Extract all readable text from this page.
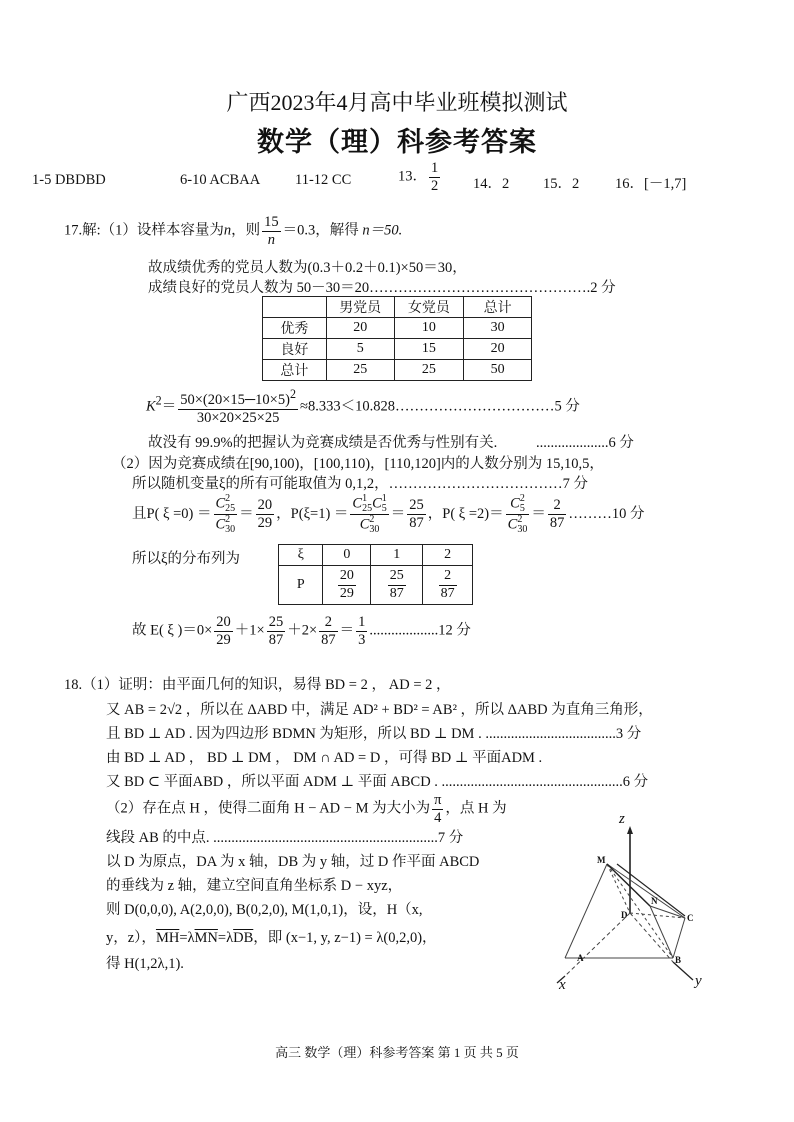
广西2023年4月高中毕业班模拟测试
数学（理）科参考答案
1-5 DBDBD	6-10 ACBAA 11-12 CC	13． $\frac{1}{2} 14$．2 15．2 16．[－1,7]
17.解:（1）设样本容量为n，则 $\frac{15}{n} =0.3$，解得 n＝50.
故成绩优秀的党员人数为(0.3＋0.2＋0.1)×50＝30，
成绩良好的党员人数为 50－30＝20……………………………………….2 分
	男党员	女党员	总计
优秀	20	10	30
良好	5	15	20
总计	25	25	50
$K^2= \frac{50\times(20\times 15─10\times 5)^2}{30\times 20\times 25\times 25}$ ≈8.333＜10.828……………………………5 分
故没有 99.9%的把握认为竞赛成绩是否优秀与性别有关.	....................6 分
（2）因为竞赛成绩在[90,100)，[100,110)，[110,120]内的人数分别为 15,10,5，
所以随机变量ξ的所有可能取值为 0,1,2，………………………………7 分
且P( ξ =0) ＝ C 2
25
C 2
$30 = \frac{20}{29}$ ，P(ξ=1) ＝ C 1
25 C 1
5
C 2
$30 = \frac{25}{87}$ ，P( ξ =2)＝ C 2
5
C 2
$30 = \frac{2}{87}$ ………10 分
所以ξ的分布列为	ξ	0	1	2
P	$\frac{20}{29}$	$\frac{25}{87}$	$\frac{2}{87}$
故 E( ξ )$=0\times \frac{20}{29} +1\times \frac{25}{87} +2\times \frac{2}{87} = \frac{1}{3} ...................12$ 分
18.（1）证明：由平面几何的知识，易得 BD = 2 ， AD = 2 ，
又 AB = 2√2 ，所以在 ΔABD 中，满足 AD² + BD² = AB² ，所以 ΔABD 为直角三角形，
且 BD ⊥ AD . 因为四边形 BDMN 为矩形，所以 BD ⊥ DM . ....................................3 分
由 BD ⊥ AD ， BD ⊥ DM ， DM ∩ AD = D ，可得 BD ⊥ 平面ADM .
又 BD ⊂ 平面ABD ，所以平面 ADM ⊥ 平面 ABCD . ..................................................6 分
（2）存在点 H ，使得二面角 H − AD − M 为大小为 $\frac{\pi}{4}$ ，点 H 为
线段 AB 的中点. ..............................................................7 分
以 D 为原点，DA 为 x 轴，DB 为 y 轴，过 D 作平面 ABCD
的垂线为 z 轴，建立空间直角坐标系 D − xyz，
则 D(0,0,0), A(2,0,0), B(0,2,0), M(1,0,1)，设，H（x,
y，z），$\overline{MH}=\lambda\overline{MN}=\lambda\overline{DB}$，即 (x−1, y, z−1) = λ(0,2,0)，
得 H(1,2λ,1).
z
x	y
M
N
D	C
A	B
高三 数学（理）科参考答案 第 1 页 共 5 页
